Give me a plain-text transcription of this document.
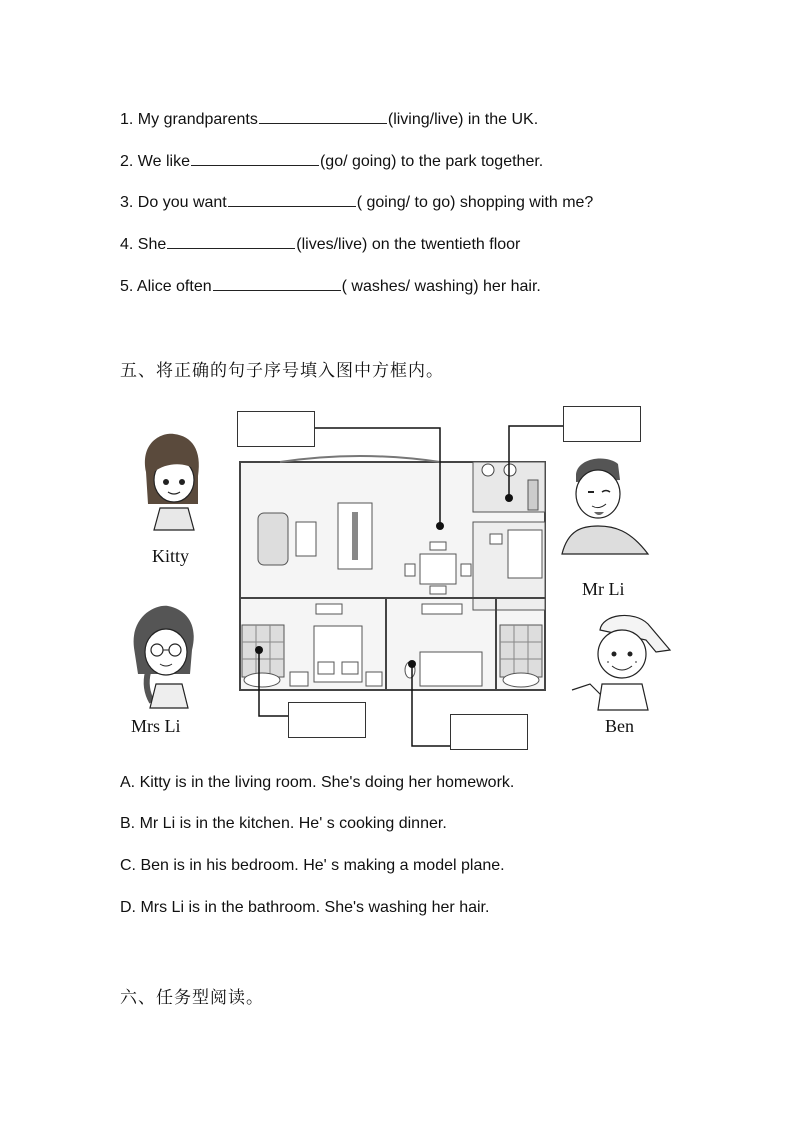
1. My grandparents	(living/live) in the UK.
2. We like	(go/ going) to the park together.
3. Do you want	( going/ to go) shopping with me?
4. She	(lives/live) on the twentieth floor
5. Alice often	( washes/ washing) her hair.
五、将正确的句子序号填入图中方框内。
Kitty
Mrs Li
Mr Li
Ben
A. Kitty is in the living room. She's doing her homework.
B. Mr Li is in the kitchen. He' s cooking dinner.
C. Ben is in his bedroom. He' s making a model plane.
D. Mrs Li is in the bathroom. She's washing her hair.
六、任务型阅读。
